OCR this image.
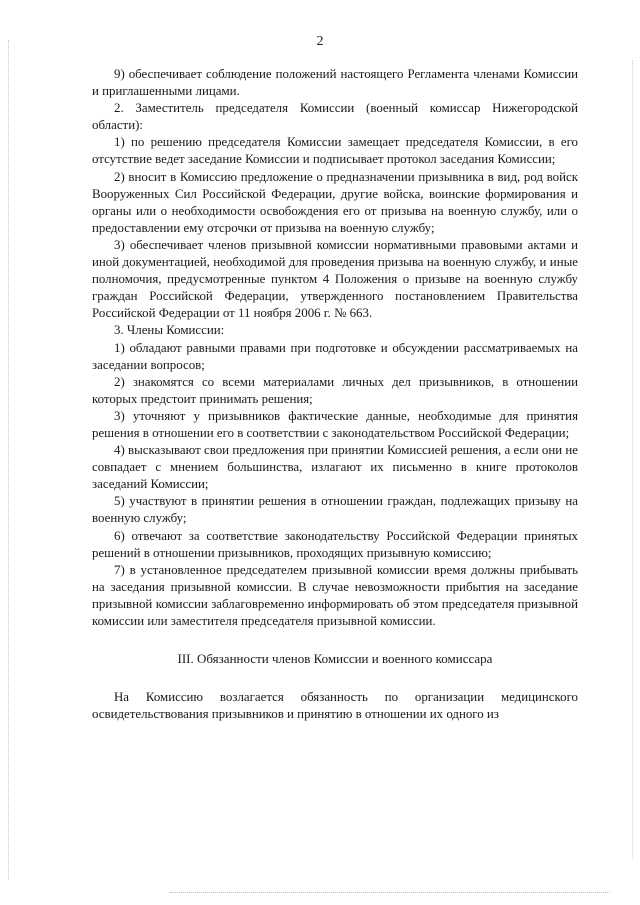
2

9) обеспечивает соблюдение положений настоящего Регламента членами Комиссии и приглашенными лицами.

2. Заместитель председателя Комиссии (военный комиссар Нижегородской области):

1) по решению председателя Комиссии замещает председателя Комиссии, в его отсутствие ведет заседание Комиссии и подписывает протокол заседания Комиссии;

2) вносит в Комиссию предложение о предназначении призывника в вид, род войск Вооруженных Сил Российской Федерации, другие войска, воинские формирования и органы или о необходимости освобождения его от призыва на военную службу, или о предоставлении ему отсрочки от призыва на военную службу;

3) обеспечивает членов призывной комиссии нормативными правовыми актами и иной документацией, необходимой для проведения призыва на военную службу, и иные полномочия, предусмотренные пунктом 4 Положения о призыве на военную службу граждан Российской Федерации, утвержденного постановлением Правительства Российской Федерации от 11 ноября 2006 г. № 663.

3. Члены Комиссии:

1) обладают равными правами при подготовке и обсуждении рассматриваемых на заседании вопросов;

2) знакомятся со всеми материалами личных дел призывников, в отношении которых предстоит принимать решения;

3) уточняют у призывников фактические данные, необходимые для принятия решения в отношении его в соответствии с законодательством Российской Федерации;

4) высказывают свои предложения при принятии Комиссией решения, а если они не совпадает с мнением большинства, излагают их письменно в книге протоколов заседаний Комиссии;

5) участвуют в принятии решения в отношении граждан, подлежащих призыву на военную службу;

6) отвечают за соответствие законодательству Российской Федерации принятых решений в отношении призывников, проходящих призывную комиссию;

7) в установленное председателем призывной комиссии время должны прибывать на заседания призывной комиссии. В случае невозможности прибытия на заседание призывной комиссии заблаговременно информировать об этом председателя призывной комиссии или заместителя председателя призывной комиссии.

III. Обязанности членов Комиссии и военного комиссара

На Комиссию возлагается обязанность по организации медицинского освидетельствования призывников и принятию в отношении их одного из
